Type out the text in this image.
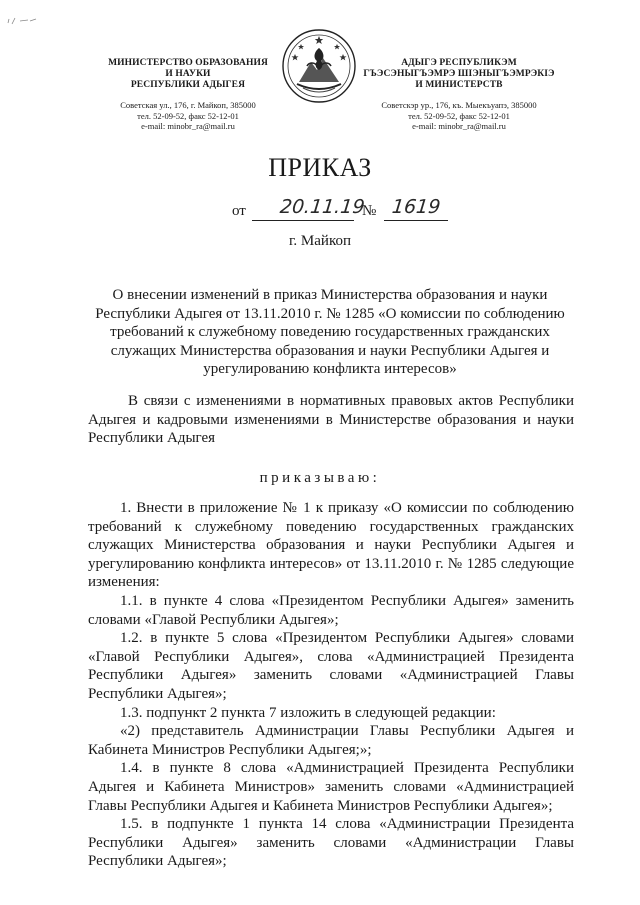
МИНИСТЕРСТВО ОБРАЗОВАНИЯ
И НАУКИ
РЕСПУБЛИКИ АДЫГЕЯ
Советская ул., 176, г. Майкоп, 385000
тел. 52-09-52, факс 52-12-01
e-mail: minobr_ra@mail.ru
АДЫГЭ РЕСПУБЛИКЭМ
ГЪЭСЭНЫГЪЭМРЭ ШIЭНЫГЪЭМРЭКIЭ
И МИНИСТЕРСТВ
Советскэр ур., 176, къ. Мыекъуапэ, 385000
тел. 52-09-52, факс 52-12-01
e-mail: minobr_ra@mail.ru
ПРИКАЗ
от 20.11.19
№ 1619
г. Майкоп
О внесении изменений в приказ Министерства образования и науки Республики Адыгея от 13.11.2010 г. № 1285 «О комиссии по соблюдению требований к служебному поведению государственных гражданских служащих Министерства образования и науки Республики Адыгея и урегулированию конфликта интересов»

В связи с изменениями в нормативных правовых актов Республики Адыгея и кадровыми изменениями в Министерстве образования и науки Республики Адыгея

приказываю:

1. Внести в приложение № 1 к приказу «О комиссии по соблюдению требований к служебному поведению государственных гражданских служащих Министерства образования и науки Республики Адыгея и урегулированию конфликта интересов» от 13.11.2010 г. № 1285 следующие изменения:

1.1. в пункте 4 слова «Президентом Республики Адыгея» заменить словами «Главой Республики Адыгея»;

1.2. в пункте 5 слова «Президентом Республики Адыгея» словами «Главой Республики Адыгея», слова «Администрацией Президента Республики Адыгея» заменить словами «Администрацией Главы Республики Адыгея»;

1.3. подпункт 2 пункта 7 изложить в следующей редакции:

«2) представитель Администрации Главы Республики Адыгея и Кабинета Министров Республики Адыгея;»;

1.4. в пункте 8 слова «Администрацией Президента Республики Адыгея и Кабинета Министров» заменить словами «Администрацией Главы Республики Адыгея и Кабинета Министров Республики Адыгея»;

1.5. в подпункте 1 пункта 14 слова «Администрации Президента Республики Адыгея» заменить словами «Администрации Главы Республики Адыгея»;
